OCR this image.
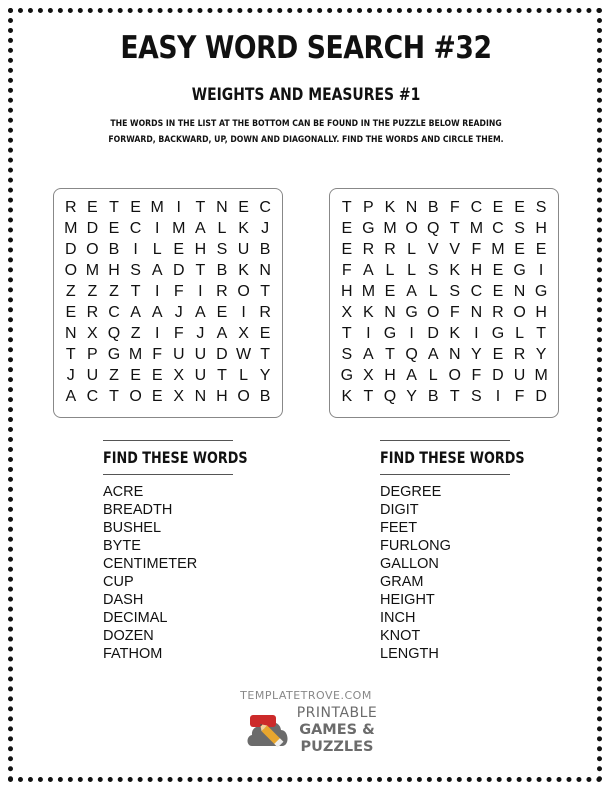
EASY WORD SEARCH #32
WEIGHTS AND MEASURES #1
THE WORDS IN THE LIST AT THE BOTTOM CAN BE FOUND IN THE PUZZLE BELOW READING FORWARD, BACKWARD, UP, DOWN AND DIAGONALLY. FIND THE WORDS AND CIRCLE THEM.
R E T E M I T N E C
M D E C I M A L K J
D O B I L E H S U B
O M H S A D T B K N
Z Z Z T I F I R O T
E R C A A J A E I R
N X Q Z I F J A X E
T P G M F U U D W T
J U Z E E X U T L Y
A C T O E X N H O B
T P K N B F C E E S
E G M O Q T M C S H
E R R L V V F M E E
F A L L S K H E G I
H M E A L S C E N G
X K N G O F N R O H
T I G I D K I G L T
S A T Q A N Y E R Y
G X H A L O F D U M
K T Q Y B T S I F D
FIND THESE WORDS	FIND THESE WORDS
ACRE
BREADTH
BUSHEL
BYTE
CENTIMETER
CUP
DASH
DECIMAL
DOZEN
FATHOM
DEGREE
DIGIT
FEET
FURLONG
GALLON
GRAM
HEIGHT
INCH
KNOT
LENGTH
TEMPLATETROVE.COM
PRINTABLE
GAMES &
PUZZLES
